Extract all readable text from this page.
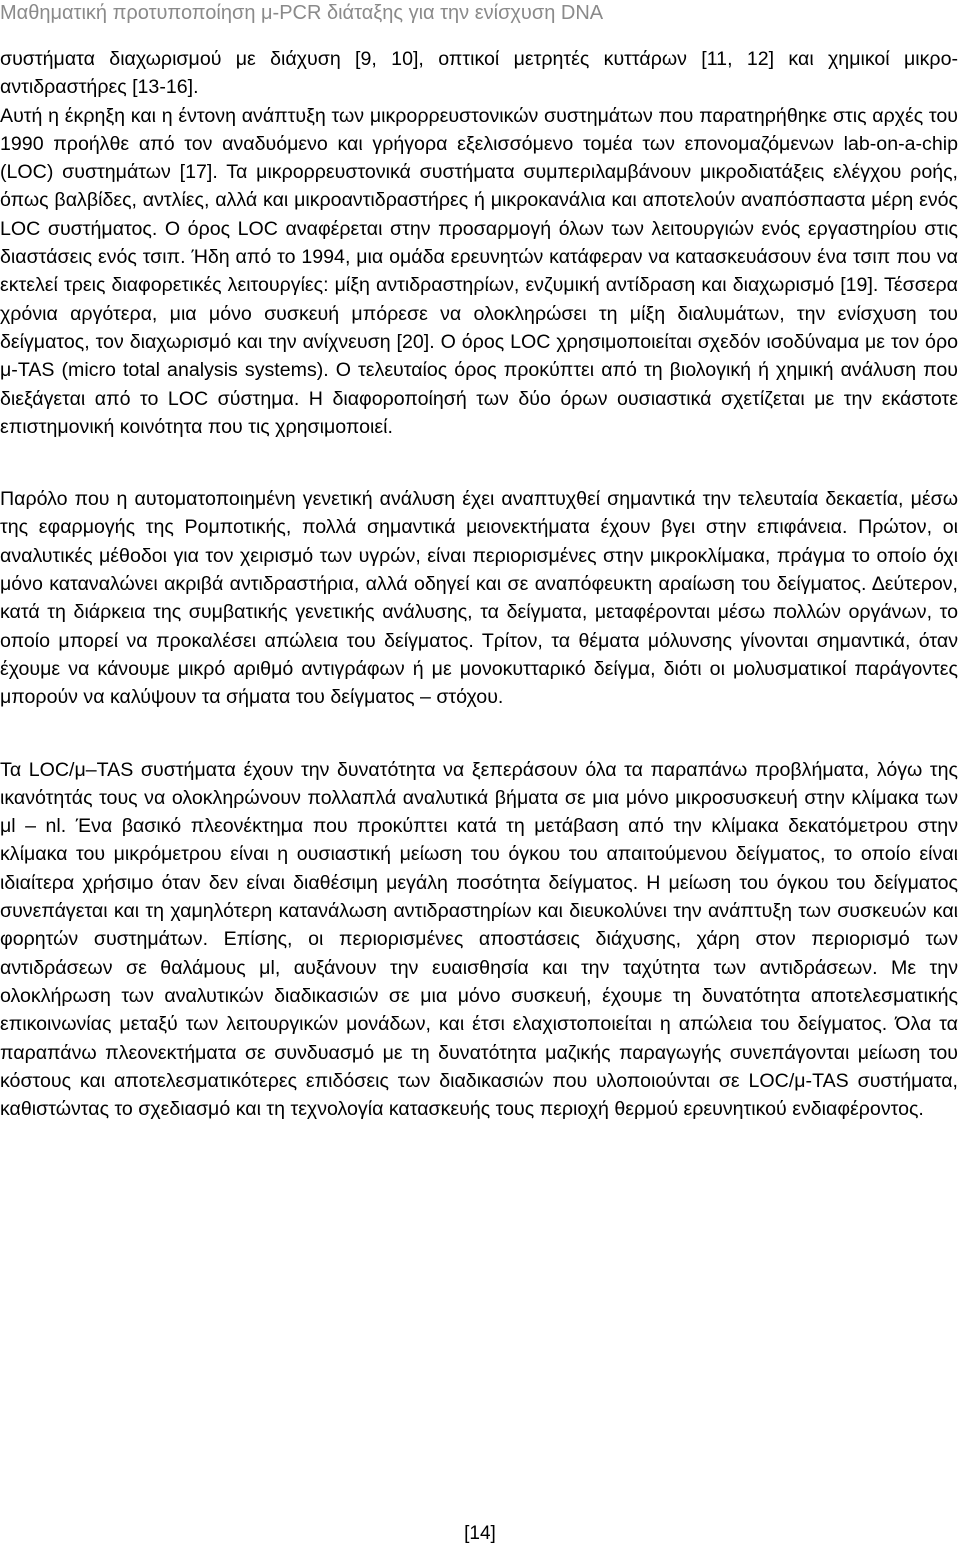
Μαθηματική προτυποποίηση μ-PCR διάταξης για την ενίσχυση DNA

συστήματα διαχωρισμού με διάχυση [9, 10], οπτικοί μετρητές κυττάρων [11, 12] και χημικοί μικρο-αντιδραστήρες [13-16].

Αυτή η έκρηξη και η έντονη ανάπτυξη των μικρορρευστονικών συστημάτων που παρατηρήθηκε στις αρχές του 1990 προήλθε από τον αναδυόμενο και γρήγορα εξελισσόμενο τομέα των επονομαζόμενων lab-on-a-chip (LOC) συστημάτων [17]. Τα μικρορρευστονικά συστήματα συμπεριλαμβάνουν μικροδιατάξεις ελέγχου ροής, όπως βαλβίδες, αντλίες, αλλά και μικροαντιδραστήρες ή μικροκανάλια και αποτελούν αναπόσπαστα μέρη ενός LOC συστήματος. Ο όρος LOC αναφέρεται στην προσαρμογή όλων των λειτουργιών ενός εργαστηρίου στις διαστάσεις ενός τσιπ. Ήδη από το 1994, μια ομάδα ερευνητών κατάφεραν να κατασκευάσουν ένα τσιπ που να εκτελεί τρεις διαφορετικές λειτουργίες: μίξη αντιδραστηρίων, ενζυμική αντίδραση και διαχωρισμό [19]. Τέσσερα χρόνια αργότερα, μια μόνο συσκευή μπόρεσε να ολοκληρώσει τη μίξη διαλυμάτων, την ενίσχυση του δείγματος, τον διαχωρισμό και την ανίχνευση [20]. Ο όρος LOC χρησιμοποιείται σχεδόν ισοδύναμα με τον όρο μ-TAS (micro total analysis systems). Ο τελευταίος όρος προκύπτει από τη βιολογική ή χημική ανάλυση που διεξάγεται από το LOC σύστημα. Η διαφοροποίησή των δύο όρων ουσιαστικά σχετίζεται με την εκάστοτε επιστημονική κοινότητα που τις χρησιμοποιεί.

Παρόλο που η αυτοματοποιημένη γενετική ανάλυση έχει αναπτυχθεί σημαντικά την τελευταία δεκαετία, μέσω της εφαρμογής της Ρομποτικής, πολλά σημαντικά μειονεκτήματα έχουν βγει στην επιφάνεια. Πρώτον, οι αναλυτικές μέθοδοι για τον χειρισμό των υγρών, είναι περιορισμένες στην μικροκλίμακα, πράγμα το οποίο όχι μόνο καταναλώνει ακριβά αντιδραστήρια, αλλά οδηγεί και σε αναπόφευκτη αραίωση του δείγματος. Δεύτερον, κατά τη διάρκεια της συμβατικής γενετικής ανάλυσης, τα δείγματα, μεταφέρονται μέσω πολλών οργάνων, το οποίο μπορεί να προκαλέσει απώλεια του δείγματος. Τρίτον, τα θέματα μόλυνσης γίνονται σημαντικά, όταν έχουμε να κάνουμε μικρό αριθμό αντιγράφων ή με μονοκυτταρικό δείγμα, διότι οι μολυσματικοί παράγοντες μπορούν να καλύψουν τα σήματα του δείγματος – στόχου.

Τα LOC/μ–TAS συστήματα έχουν την δυνατότητα να ξεπεράσουν όλα τα παραπάνω προβλήματα, λόγω της ικανότητάς τους να ολοκληρώνουν πολλαπλά αναλυτικά βήματα σε μια μόνο μικροσυσκευή στην κλίμακα των μl – nl. Ένα βασικό πλεονέκτημα που προκύπτει κατά τη μετάβαση από την κλίμακα δεκατόμετρου στην κλίμακα του μικρόμετρου είναι η ουσιαστική μείωση του όγκου του απαιτούμενου δείγματος, το οποίο είναι ιδιαίτερα χρήσιμο όταν δεν είναι διαθέσιμη μεγάλη ποσότητα δείγματος. Η μείωση του όγκου του δείγματος συνεπάγεται και τη χαμηλότερη κατανάλωση αντιδραστηρίων και διευκολύνει την ανάπτυξη των συσκευών και φορητών συστημάτων. Επίσης, οι περιορισμένες αποστάσεις διάχυσης, χάρη στον περιορισμό των αντιδράσεων σε θαλάμους μl, αυξάνουν την ευαισθησία και την ταχύτητα των αντιδράσεων. Με την ολοκλήρωση των αναλυτικών διαδικασιών σε μια μόνο συσκευή, έχουμε τη δυνατότητα αποτελεσματικής επικοινωνίας μεταξύ των λειτουργικών μονάδων, και έτσι ελαχιστοποιείται η απώλεια του δείγματος. Όλα τα παραπάνω πλεονεκτήματα σε συνδυασμό με τη δυνατότητα μαζικής παραγωγής συνεπάγονται μείωση του κόστους και αποτελεσματικότερες επιδόσεις των διαδικασιών που υλοποιούνται σε LOC/μ-TAS συστήματα, καθιστώντας το σχεδιασμό και τη τεχνολογία κατασκευής τους περιοχή θερμού ερευνητικού ενδιαφέροντος.

[14]
